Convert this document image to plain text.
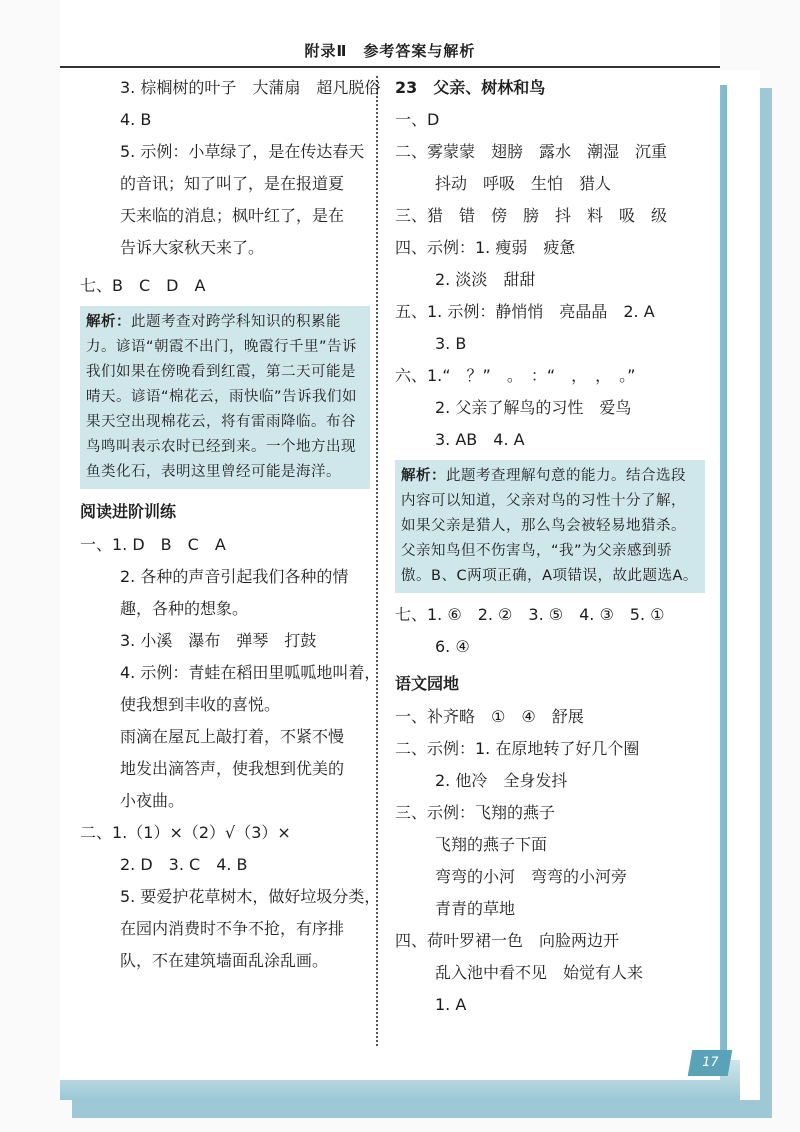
附录Ⅱ　参考答案与解析
3. 棕榈树的叶子　大蒲扇　超凡脱俗
4. B
5. 示例：小草绿了，是在传达春天
的音讯；知了叫了，是在报道夏
天来临的消息；枫叶红了，是在
告诉大家秋天来了。
七、B　C　D　A
解析：此题考查对跨学科知识的积累能力。谚语“朝霞不出门，晚霞行千里”告诉我们如果在傍晚看到红霞，第二天可能是晴天。谚语“棉花云，雨快临”告诉我们如果天空出现棉花云，将有雷雨降临。布谷鸟鸣叫表示农时已经到来。一个地方出现鱼类化石，表明这里曾经可能是海洋。
阅读进阶训练
一、1. D　B　C　A
2. 各种的声音引起我们各种的情
趣，各种的想象。
3. 小溪　瀑布　弹琴　打鼓
4. 示例：青蛙在稻田里呱呱地叫着，
使我想到丰收的喜悦。
雨滴在屋瓦上敲打着，不紧不慢
地发出滴答声，使我想到优美的
小夜曲。
二、1.（1）×（2）√（3）×
2. D　3. C　4. B
5. 要爱护花草树木，做好垃圾分类，
在园内消费时不争不抢，有序排
队，不在建筑墙面乱涂乱画。
23　父亲、树林和鸟
一、D
二、雾蒙蒙　翅膀　露水　潮湿　沉重
抖动　呼吸　生怕　猎人
三、猎　错　傍　膀　抖　料　吸　级
四、示例：1. 瘦弱　疲惫
2. 淡淡　甜甜
五、1. 示例：静悄悄　亮晶晶　2. A
3. B
六、1.“　？”　。　：“　，　，　。”
2. 父亲了解鸟的习性　爱鸟
3. AB　4. A
解析：此题考查理解句意的能力。结合选段内容可以知道，父亲对鸟的习性十分了解，如果父亲是猎人，那么鸟会被轻易地猎杀。父亲知鸟但不伤害鸟，“我”为父亲感到骄傲。B、C两项正确，A项错误，故此题选A。
七、1. ⑥　2. ②　3. ⑤　4. ③　5. ①
6. ④
语文园地
一、补齐略　①　④　舒展
二、示例：1. 在原地转了好几个圈
2. 他冷　全身发抖
三、示例：飞翔的燕子
飞翔的燕子下面
弯弯的小河　弯弯的小河旁
青青的草地
四、荷叶罗裙一色　向脸两边开
乱入池中看不见　始觉有人来
1. A
17
